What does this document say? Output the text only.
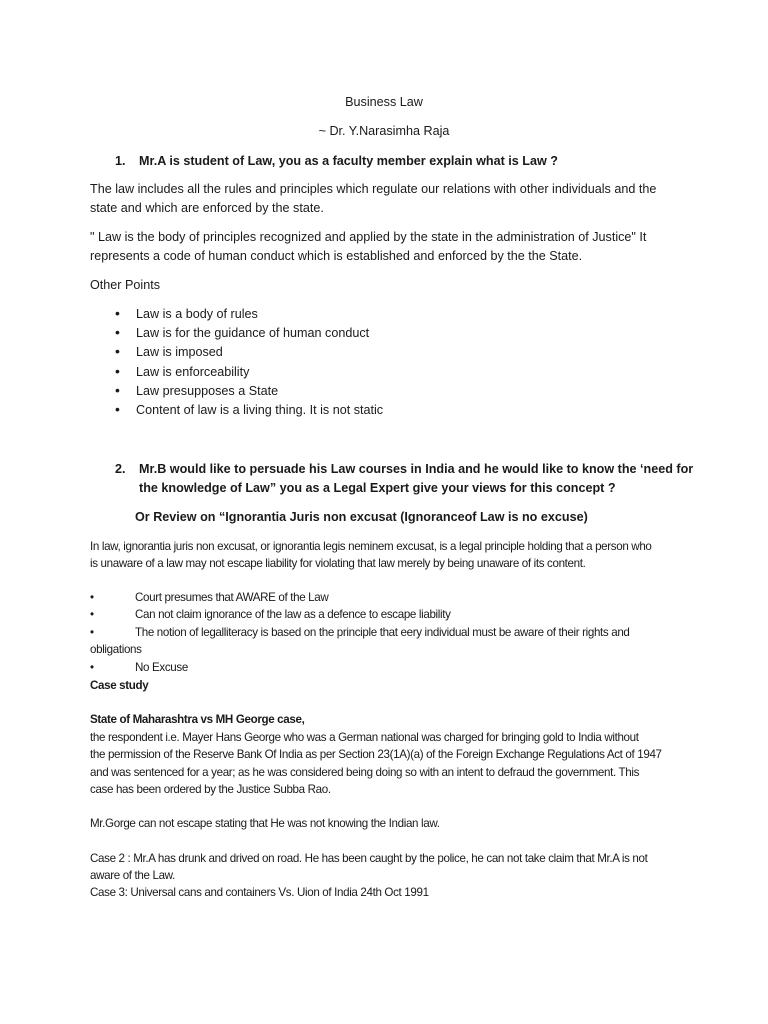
Business Law
~ Dr. Y.Narasimha Raja
1. Mr.A is student of Law, you as a faculty member explain what is Law ?
The law includes all the rules and principles which regulate our relations with other individuals and the
state and which are enforced by the state.
" Law is the body of principles recognized and applied by the state in the administration of Justice" It
represents a code of human conduct which is established and enforced by the the State.
Other Points
• Law is a body of rules
• Law is for the guidance of human conduct
• Law is imposed
• Law is enforceability
• Law presupposes a State
• Content of law is a living thing. It is not static
2. Mr.B would like to persuade his Law courses in India and he would like to know the ‘need for
the knowledge of Law” you as a Legal Expert give your views for this concept ?
Or Review on “Ignorantia Juris non excusat (Ignoranceof Law is no excuse)
In law, ignorantia juris non excusat, or ignorantia legis neminem excusat, is a legal principle holding that a person who
is unaware of a law may not escape liability for violating that law merely by being unaware of its content.
•	Court presumes that AWARE of the Law
•	Can not claim ignorance of the law as a defence to escape liability
•	The notion of legalliteracy is based on the principle that eery individual must be aware of their rights and
obligations
•	No Excuse
Case study
State of Maharashtra vs MH George case,
the respondent i.e. Mayer Hans George who was a German national was charged for bringing gold to India without
the permission of the Reserve Bank Of India as per Section 23(1A)(a) of the Foreign Exchange Regulations Act of 1947
and was sentenced for a year; as he was considered being doing so with an intent to defraud the government. This
case has been ordered by the Justice Subba Rao.
Mr.Gorge can not escape stating that He was not knowing the Indian law.
Case 2 : Mr.A has drunk and drived on road. He has been caught by the police, he can not take claim that Mr.A is not
aware of the Law.
Case 3: Universal cans and containers Vs. Uion of India 24th Oct 1991
